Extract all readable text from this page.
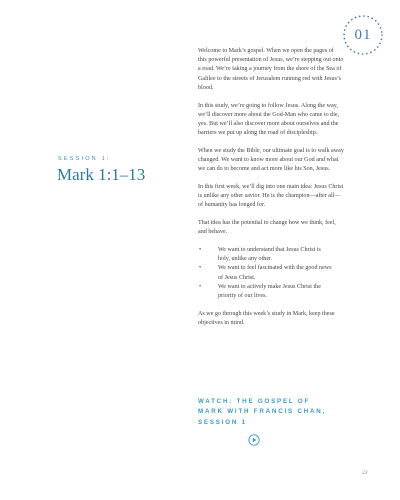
01
SESSION 1:
Mark 1:1–13

Welcome to Mark’s gospel. When we open the pages of this powerful presentation of Jesus, we’re stepping out onto a road. We’re taking a journey from the shore of the Sea of Galilee to the streets of Jerusalem running red with Jesus’s blood.

In this study, we’re going to follow Jesus. Along the way, we’ll discover more about the God-Man who came to die, yes. But we’ll also discover more about ourselves and the barriers we put up along the road of discipleship.

When we study the Bible, our ultimate goal is to walk away changed. We want to know more about our God and what we can do to become and act more like his Son, Jesus.

In this first week, we’ll dig into one main idea: Jesus Christ is unlike any other savior. He is the champion—after all—of humanity has longed for.

That idea has the potential to change how we think, feel, and behave.

•	We want to understand that Jesus Christ is holy, unlike any other.
•	We want to feel fascinated with the good news of Jesus Christ.
•	We want to actively make Jesus Christ the priority of our lives.

As we go through this week’s study in Mark, keep these objectives in mind.

WATCH: THE GOSPEL OF
MARK WITH FRANCIS CHAN,
SESSION 1
23
